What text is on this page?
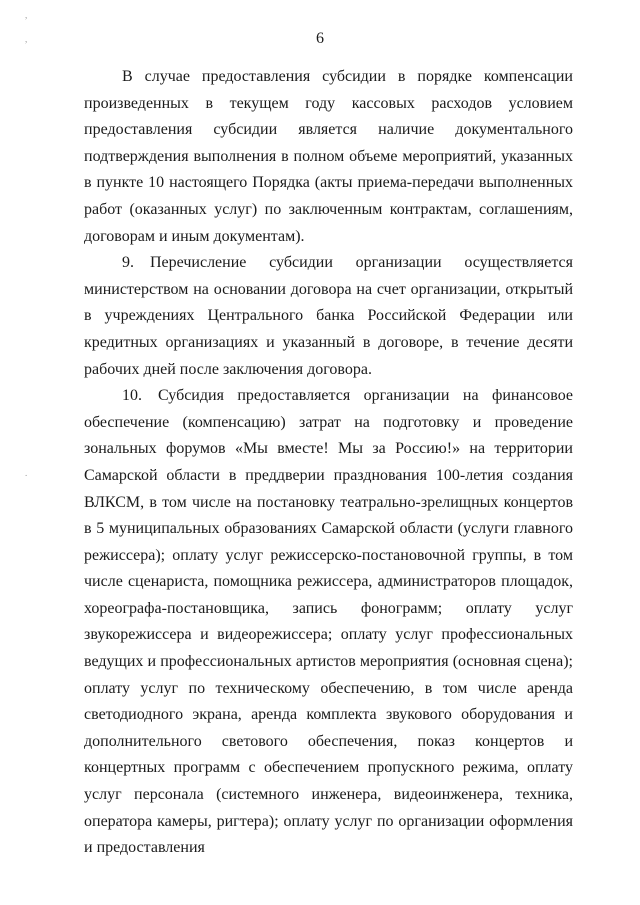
,
,
.
6

В случае предоставления субсидии в порядке компенсации произведенных в текущем году кассовых расходов условием предоставления субсидии является наличие документального подтверждения выполнения в полном объеме мероприятий, указанных в пункте 10 настоящего Порядка (акты приема-передачи выполненных работ (оказанных услуг) по заключенным контрактам, соглашениям, договорам и иным документам).

9. Перечисление субсидии организации осуществляется министерством на основании договора на счет организации, открытый в учреждениях Центрального банка Российской Федерации или кредитных организациях и указанный в договоре, в течение десяти рабочих дней после заключения договора.

10. Субсидия предоставляется организации на финансовое обеспечение (компенсацию) затрат на подготовку и проведение зональных форумов «Мы вместе! Мы за Россию!» на территории Самарской области в преддверии празднования 100-летия создания ВЛКСМ, в том числе на постановку театрально-зрелищных концертов в 5 муниципальных образованиях Самарской области (услуги главного режиссера); оплату услуг режиссерско-постановочной группы, в том числе сценариста, помощника режиссера, администраторов площадок, хореографа-постановщика, запись фонограмм; оплату услуг звукорежиссера и видеорежиссера; оплату услуг профессиональных ведущих и профессиональных артистов мероприятия (основная сцена); оплату услуг по техническому обеспечению, в том числе аренда светодиодного экрана, аренда комплекта звукового оборудования и дополнительного светового обеспечения, показ концертов и концертных программ с обеспечением пропускного режима, оплату услуг персонала (системного инженера, видеоинженера, техника, оператора камеры, ригтера); оплату услуг по организации оформления и предоставления
